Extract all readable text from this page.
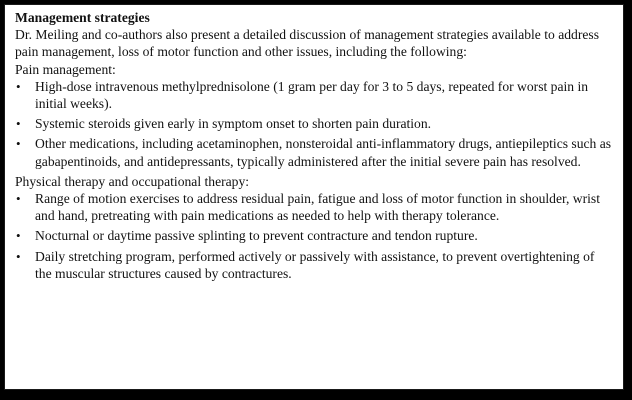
Management strategies

Dr. Meiling and co-authors also present a detailed discussion of management strategies available to address pain management, loss of motor function and other issues, including the following:

Pain management:
• High-dose intravenous methylprednisolone (1 gram per day for 3 to 5 days, repeated for worst pain in initial weeks).
• Systemic steroids given early in symptom onset to shorten pain duration.
• Other medications, including acetaminophen, nonsteroidal anti-inflammatory drugs, antiepileptics such as gabapentinoids, and antidepressants, typically administered after the initial severe pain has resolved.
Physical therapy and occupational therapy:
• Range of motion exercises to address residual pain, fatigue and loss of motor function in shoulder, wrist and hand, pretreating with pain medications as needed to help with therapy tolerance.
• Nocturnal or daytime passive splinting to prevent contracture and tendon rupture.
• Daily stretching program, performed actively or passively with assistance, to prevent overtightening of the muscular structures caused by contractures.
